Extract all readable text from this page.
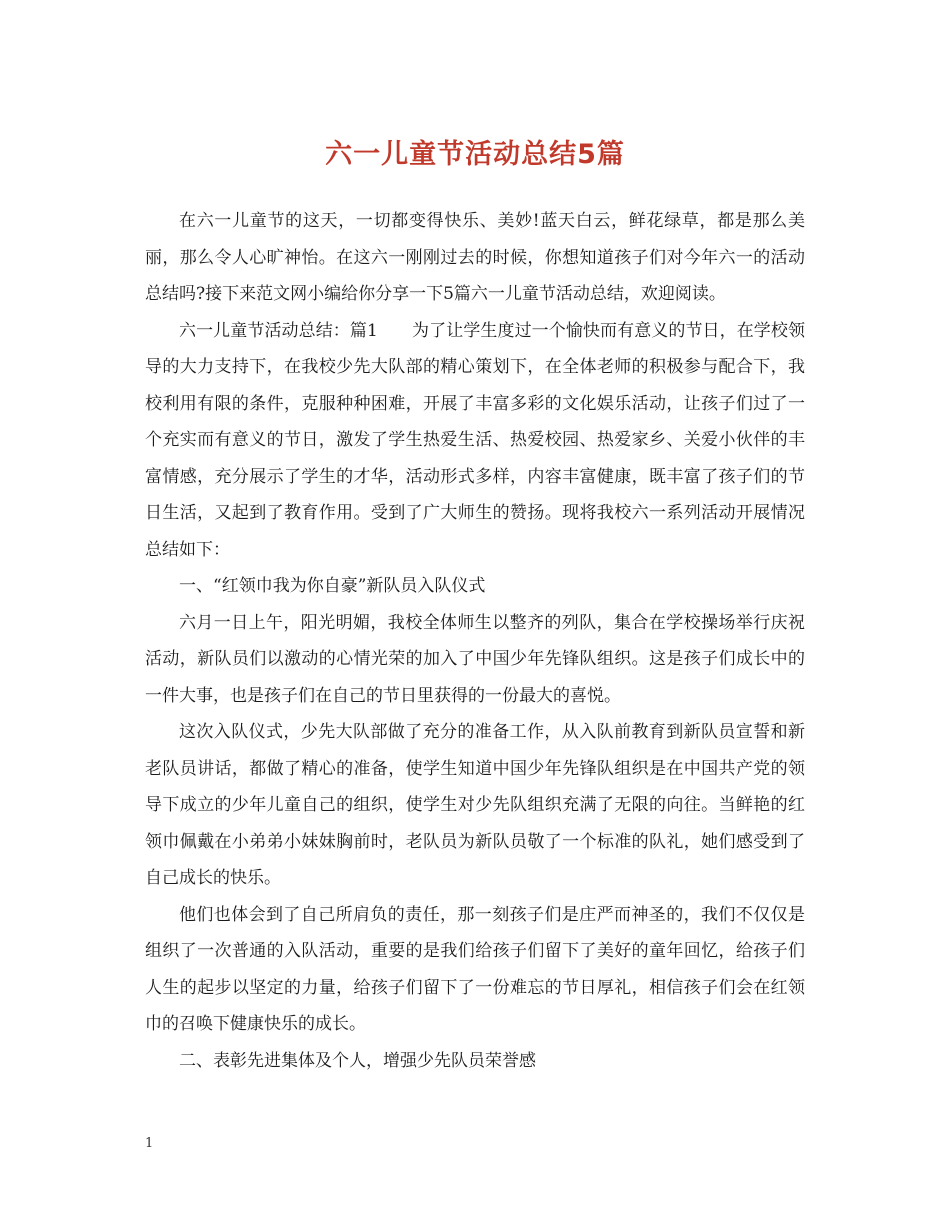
六一儿童节活动总结5篇

在六一儿童节的这天，一切都变得快乐、美妙!蓝天白云，鲜花绿草，都是那么美丽，那么令人心旷神怡。在这六一刚刚过去的时候，你想知道孩子们对今年六一的活动总结吗?接下来范文网小编给你分享一下5篇六一儿童节活动总结，欢迎阅读。

六一儿童节活动总结：篇1　　为了让学生度过一个愉快而有意义的节日，在学校领导的大力支持下，在我校少先大队部的精心策划下，在全体老师的积极参与配合下，我校利用有限的条件，克服种种困难，开展了丰富多彩的文化娱乐活动，让孩子们过了一个充实而有意义的节日，激发了学生热爱生活、热爱校园、热爱家乡、关爱小伙伴的丰富情感，充分展示了学生的才华，活动形式多样，内容丰富健康，既丰富了孩子们的节日生活，又起到了教育作用。受到了广大师生的赞扬。现将我校六一系列活动开展情况总结如下：

一、“红领巾我为你自豪”新队员入队仪式

六月一日上午，阳光明媚，我校全体师生以整齐的列队，集合在学校操场举行庆祝活动，新队员们以激动的心情光荣的加入了中国少年先锋队组织。这是孩子们成长中的一件大事，也是孩子们在自己的节日里获得的一份最大的喜悦。

这次入队仪式，少先大队部做了充分的准备工作，从入队前教育到新队员宣誓和新老队员讲话，都做了精心的准备，使学生知道中国少年先锋队组织是在中国共产党的领导下成立的少年儿童自己的组织，使学生对少先队组织充满了无限的向往。当鲜艳的红领巾佩戴在小弟弟小妹妹胸前时，老队员为新队员敬了一个标准的队礼，她们感受到了自己成长的快乐。

他们也体会到了自己所肩负的责任，那一刻孩子们是庄严而神圣的，我们不仅仅是组织了一次普通的入队活动，重要的是我们给孩子们留下了美好的童年回忆，给孩子们人生的起步以坚定的力量，给孩子们留下了一份难忘的节日厚礼，相信孩子们会在红领巾的召唤下健康快乐的成长。

二、表彰先进集体及个人，增强少先队员荣誉感

1
